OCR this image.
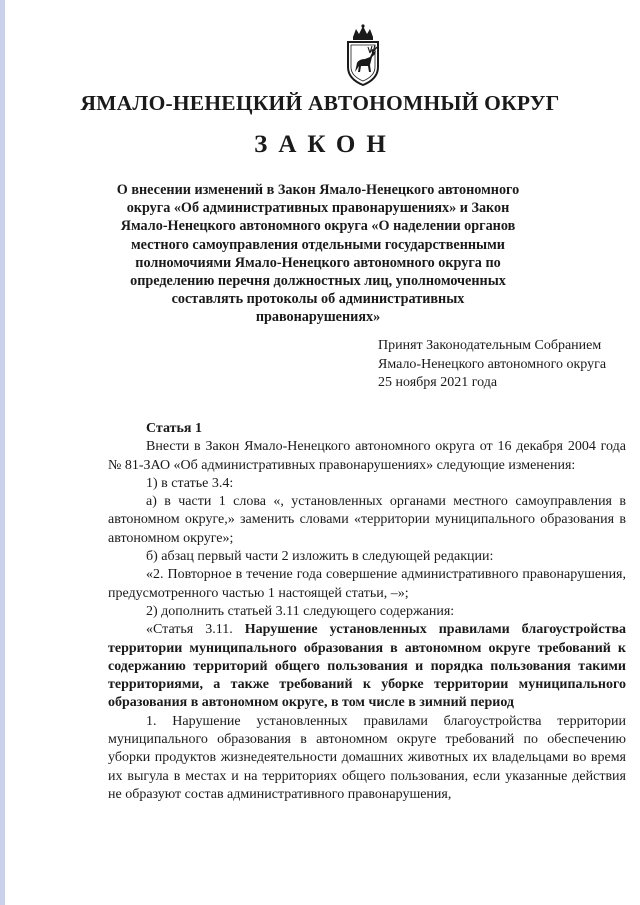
ЯМАЛО-НЕНЕЦКИЙ АВТОНОМНЫЙ ОКРУГ
ЗАКОН
О внесении изменений в Закон Ямало-Ненецкого автономного округа «Об административных правонарушениях» и Закон Ямало-Ненецкого автономного округа «О наделении органов местного самоуправления отдельными государственными полномочиями Ямало-Ненецкого автономного округа по определению перечня должностных лиц, уполномоченных составлять протоколы об административных правонарушениях»
Принят Законодательным Собранием
Ямало-Ненецкого автономного округа
25 ноября 2021 года

Статья 1

Внести в Закон Ямало-Ненецкого автономного округа от 16 декабря 2004 года № 81-ЗАО «Об административных правонарушениях» следующие изменения:

1) в статье 3.4:

а) в части 1 слова «, установленных органами местного самоуправления в автономном округе,» заменить словами «территории муниципального образования в автономном округе»;

б) абзац первый части 2 изложить в следующей редакции:

«2. Повторное в течение года совершение административного правонарушения, предусмотренного частью 1 настоящей статьи, –»;

2) дополнить статьей 3.11 следующего содержания:

«Статья 3.11. Нарушение установленных правилами благоустройства территории муниципального образования в автономном округе требований к содержанию территорий общего пользования и порядка пользования такими территориями, а также требований к уборке территории муниципального образования в автономном округе, в том числе в зимний период

1. Нарушение установленных правилами благоустройства территории муниципального образования в автономном округе требований по обеспечению уборки продуктов жизнедеятельности домашних животных их владельцами во время их выгула в местах и на территориях общего пользования, если указанные действия не образуют состав административного правонарушения,
